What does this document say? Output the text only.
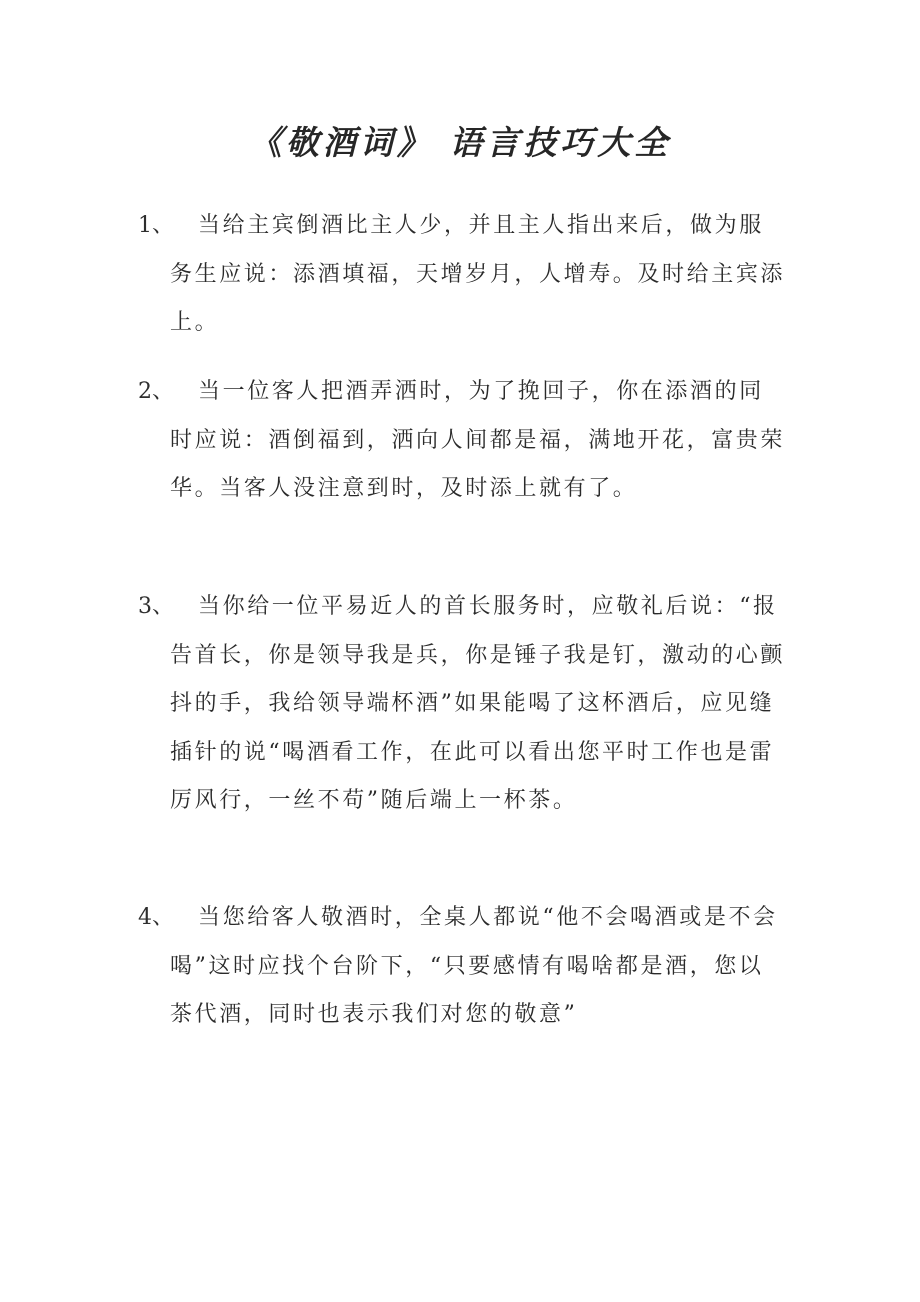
《敬酒词》 语言技巧大全
1、	当给主宾倒酒比主人少，并且主人指出来后，做为服务生应说：添酒填福，天增岁月，人增寿。及时给主宾添上。

2、	当一位客人把酒弄洒时，为了挽回子，你在添酒的同时应说：酒倒福到，洒向人间都是福，满地开花，富贵荣华。当客人没注意到时，及时添上就有了。

3、	当你给一位平易近人的首长服务时，应敬礼后说：“报告首长，你是领导我是兵，你是锤子我是钉，激动的心颤抖的手，我给领导端杯酒”如果能喝了这杯酒后，应见缝插针的说“喝酒看工作，在此可以看出您平时工作也是雷厉风行，一丝不苟”随后端上一杯茶。

4、	当您给客人敬酒时，全桌人都说“他不会喝酒或是不会喝”这时应找个台阶下，“只要感情有喝啥都是酒，您以茶代酒，同时也表示我们对您的敬意”
